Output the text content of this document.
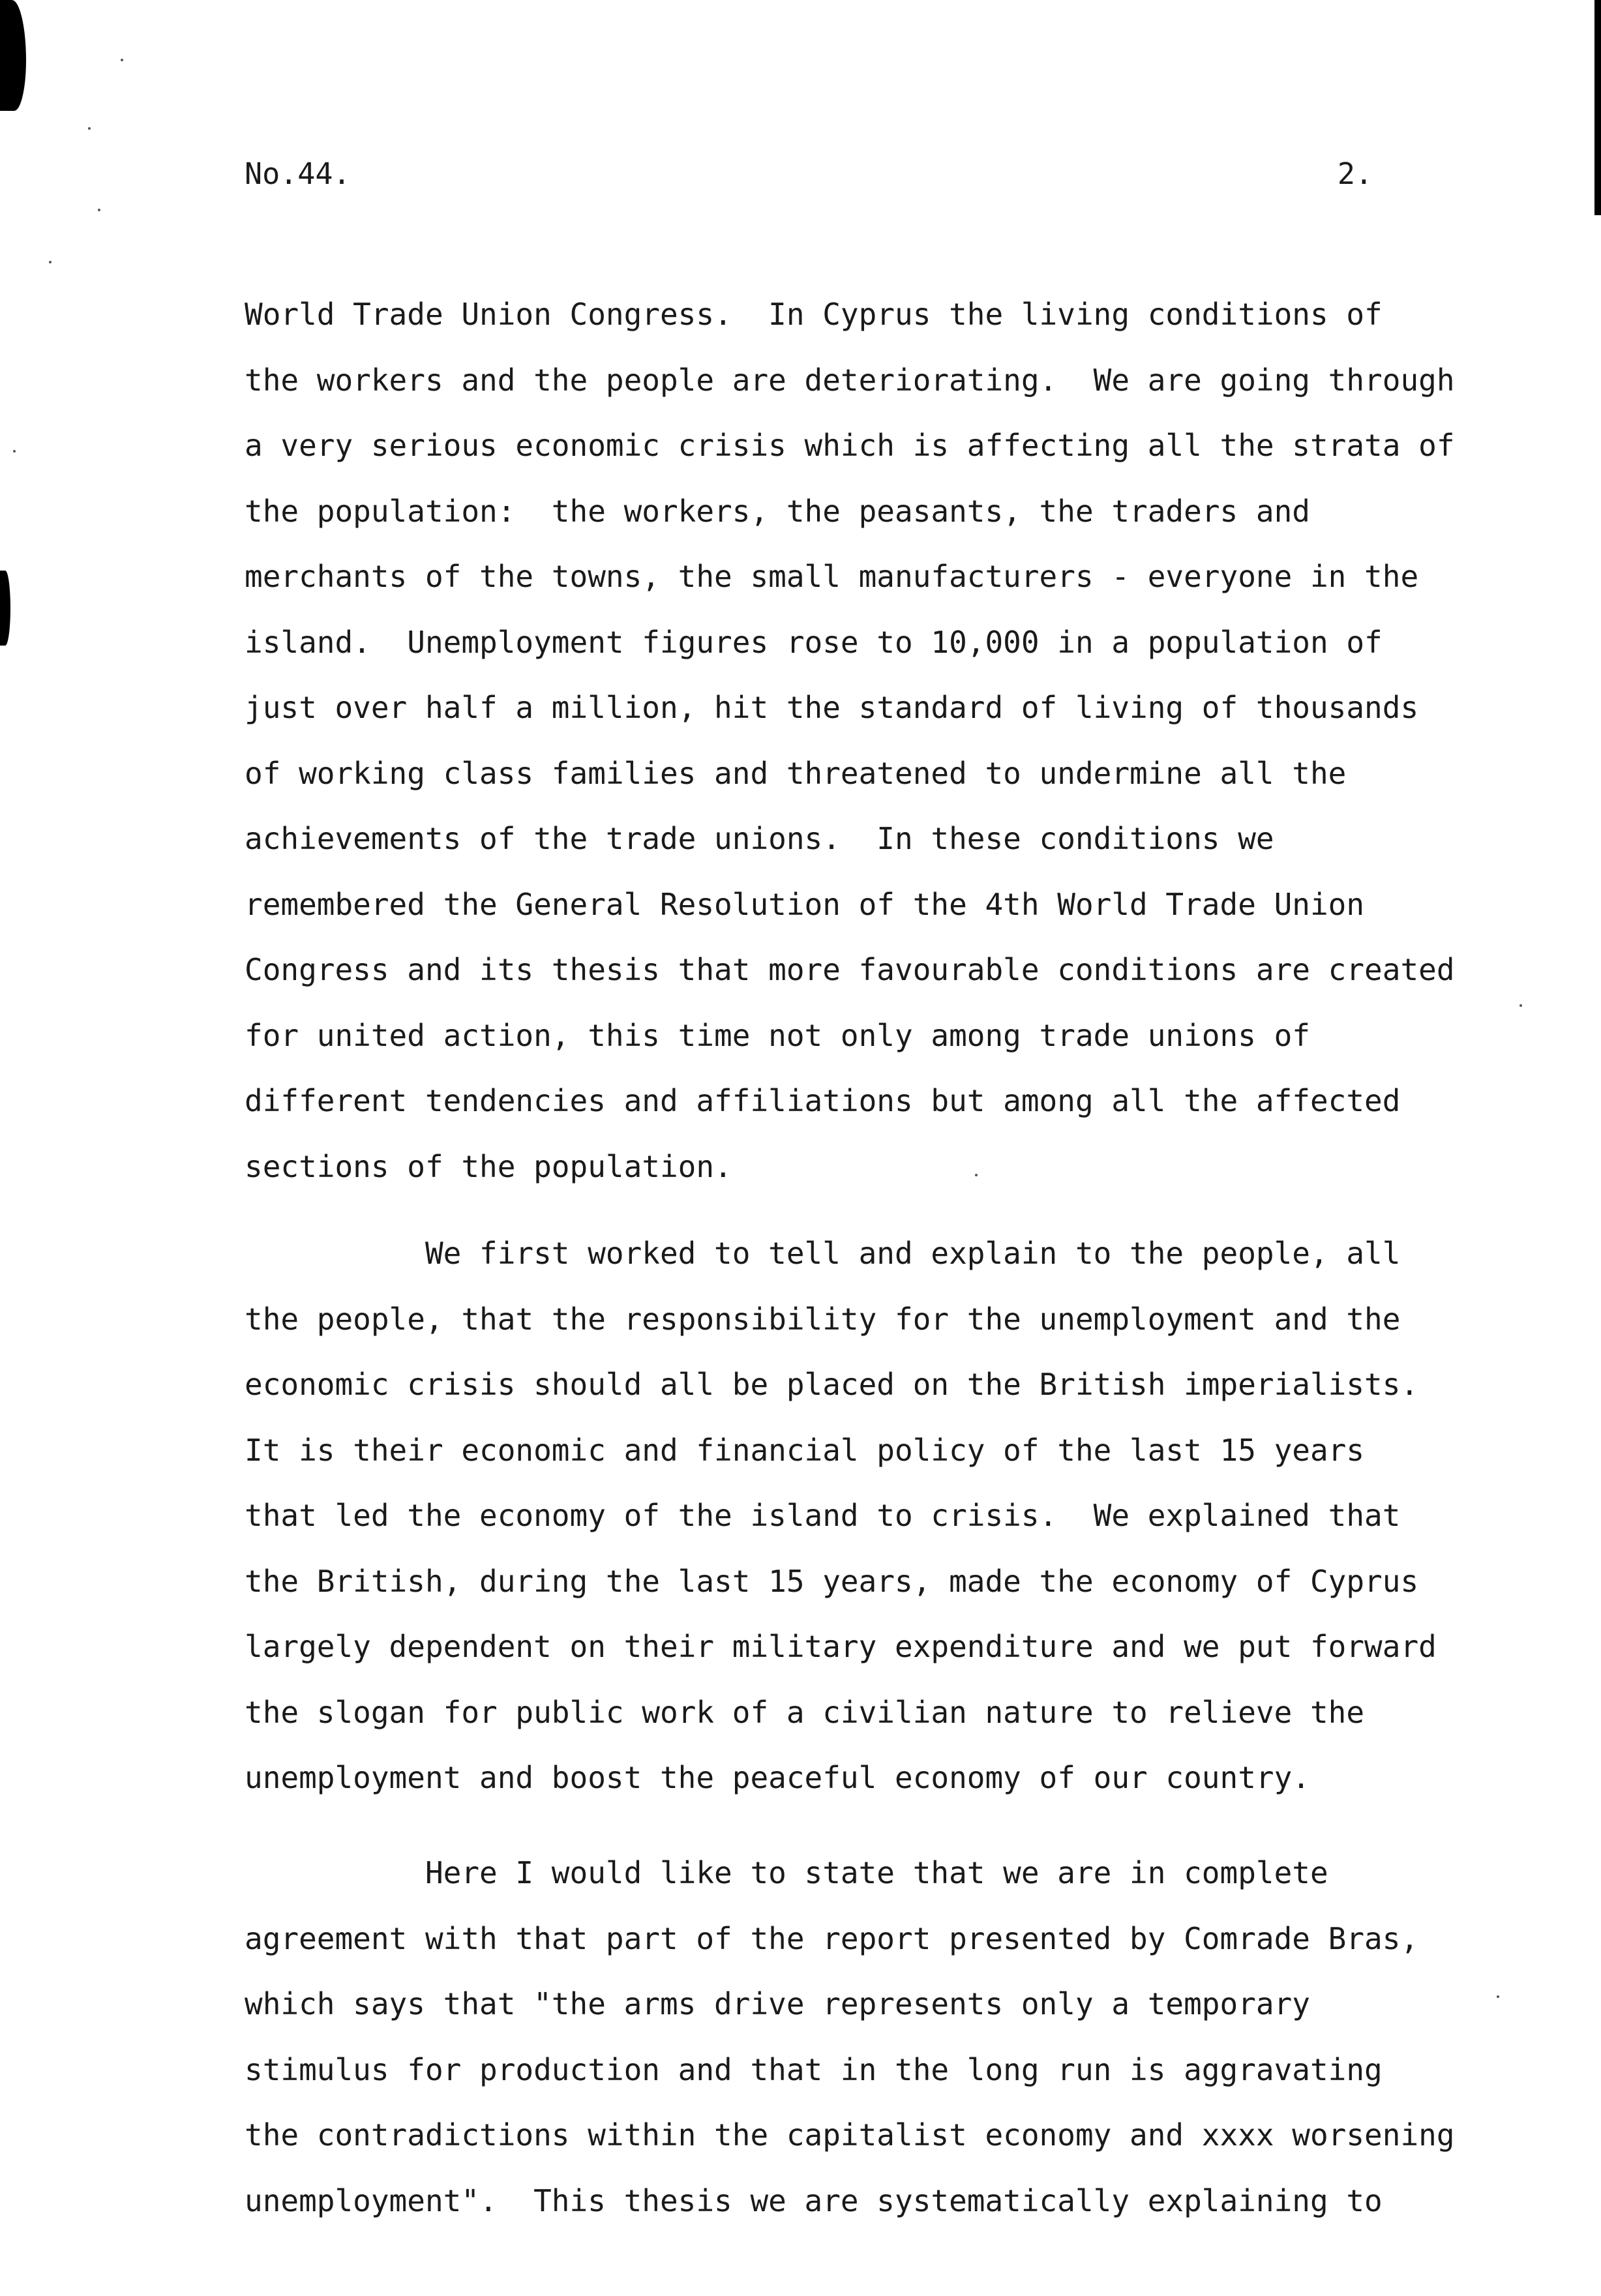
No.44.	2.

World Trade Union Congress.  In Cyprus the living conditions of

the workers and the people are deteriorating.  We are going through

a very serious economic crisis which is affecting all the strata of

the population:  the workers, the peasants, the traders and

merchants of the towns, the small manufacturers - everyone in the

island.  Unemployment figures rose to 10,000 in a population of

just over half a million, hit the standard of living of thousands

of working class families and threatened to undermine all the

achievements of the trade unions.  In these conditions we

remembered the General Resolution of the 4th World Trade Union

Congress and its thesis that more favourable conditions are created

for united action, this time not only among trade unions of

different tendencies and affiliations but among all the affected

sections of the population.

We first worked to tell and explain to the people, all

the people, that the responsibility for the unemployment and the

economic crisis should all be placed on the British imperialists.

It is their economic and financial policy of the last 15 years

that led the economy of the island to crisis.  We explained that

the British, during the last 15 years, made the economy of Cyprus

largely dependent on their military expenditure and we put forward

the slogan for public work of a civilian nature to relieve the

unemployment and boost the peaceful economy of our country.

Here I would like to state that we are in complete

agreement with that part of the report presented by Comrade Bras,

which says that "the arms drive represents only a temporary

stimulus for production and that in the long run is aggravating

the contradictions within the capitalist economy and xxxx worsening

unemployment".  This thesis we are systematically explaining to
